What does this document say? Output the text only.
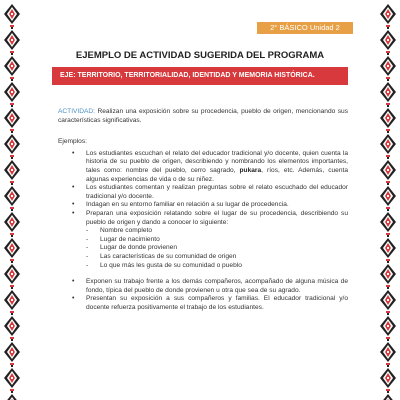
2° BÁSICO Unidad 2
EJEMPLO DE ACTIVIDAD SUGERIDA DEL PROGRAMA
EJE: TERRITORIO, TERRITORIALIDAD, IDENTIDAD Y MEMORIA HISTÓRICA.
ACTIVIDAD: Realizan una exposición sobre su procedencia, pueblo de origen, mencionando sus características significativas.
Ejemplos:
• Los estudiantes escuchan el relato del educador tradicional y/o docente, quien cuenta la historia de su pueblo de origen, describiendo y nombrando los elementos importantes, tales como: nombre del pueblo, cerro sagrado, pukara, ríos, etc. Además, cuenta algunas experiencias de vida o de su niñez.
• Los estudiantes comentan y realizan preguntas sobre el relato escuchado del educador tradicional y/o docente.
• Indagan en su entorno familiar en relación a su lugar de procedencia.
• Preparan una exposición relatando sobre el lugar de su procedencia, describiendo su pueblo de origen y dando a conocer lo siguiente:
- Nombre completo
- Lugar de nacimiento
- Lugar de donde provienen
- Las características de su comunidad de origen
- Lo que más les gusta de su comunidad o pueblo
• Exponen su trabajo frente a los demás compañeros, acompañado de alguna música de fondo, típica del pueblo de donde provienen u otra que sea de su agrado.
• Presentan su exposición a sus compañeros y familias. El educador tradicional y/o docente refuerza positivamente el trabajo de los estudiantes.
